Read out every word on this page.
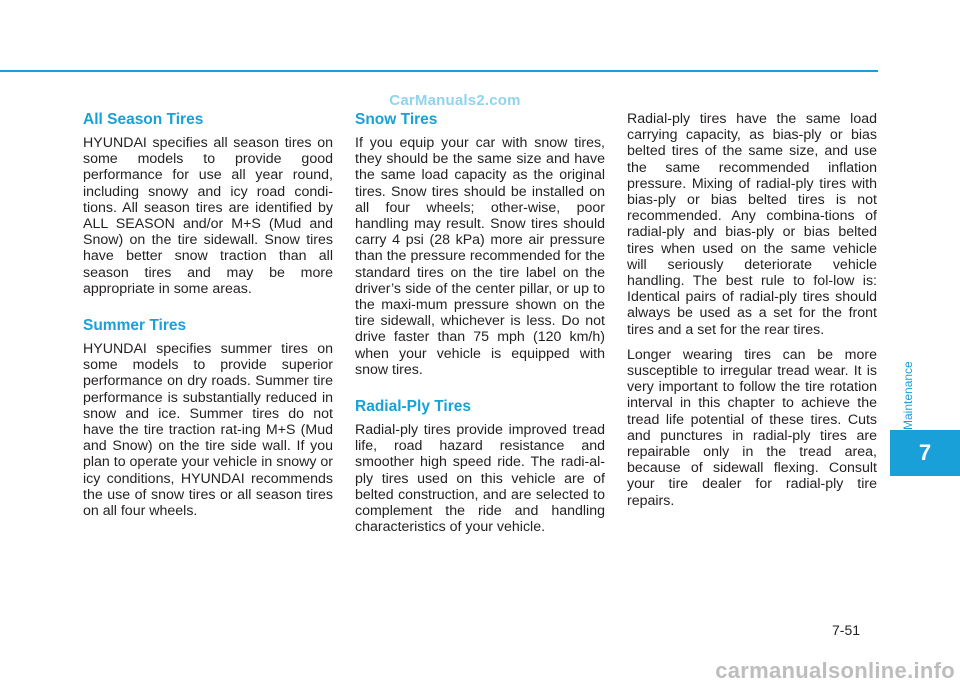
CarManuals2.com
All Season Tires

HYUNDAI specifies all season tires on some models to provide good performance for use all year round, including snowy and icy road condi-tions. All season tires are identified by ALL SEASON and/or M+S (Mud and Snow) on the tire sidewall. Snow tires have better snow traction than all season tires and may be more appropriate in some areas.

Summer Tires

HYUNDAI specifies summer tires on some models to provide superior performance on dry roads. Summer tire performance is substantially reduced in snow and ice. Summer tires do not have the tire traction rat-ing M+S (Mud and Snow) on the tire side wall. If you plan to operate your vehicle in snowy or icy conditions, HYUNDAI recommends the use of snow tires or all season tires on all four wheels.

Snow Tires

If you equip your car with snow tires, they should be the same size and have the same load capacity as the original tires. Snow tires should be installed on all four wheels; other-wise, poor handling may result. Snow tires should carry 4 psi (28 kPa) more air pressure than the pressure recommended for the standard tires on the tire label on the driver’s side of the center pillar, or up to the maxi-mum pressure shown on the tire sidewall, whichever is less. Do not drive faster than 75 mph (120 km/h) when your vehicle is equipped with snow tires.

Radial-Ply Tires

Radial-ply tires provide improved tread life, road hazard resistance and smoother high speed ride. The radi-al-ply tires used on this vehicle are of belted construction, and are selected to complement the ride and handling characteristics of your vehicle.

Radial-ply tires have the same load carrying capacity, as bias-ply or bias belted tires of the same size, and use the same recommended inflation pressure. Mixing of radial-ply tires with bias-ply or bias belted tires is not recommended. Any combina-tions of radial-ply and bias-ply or bias belted tires when used on the same vehicle will seriously deteriorate vehicle handling. The best rule to fol-low is: Identical pairs of radial-ply tires should always be used as a set for the front tires and a set for the rear tires.

Longer wearing tires can be more susceptible to irregular tread wear. It is very important to follow the tire rotation interval in this chapter to achieve the tread life potential of these tires. Cuts and punctures in radial-ply tires are repairable only in the tread area, because of sidewall flexing. Consult your tire dealer for radial-ply tire repairs.

Maintenance
7
7-51
carmanualsonline.info
